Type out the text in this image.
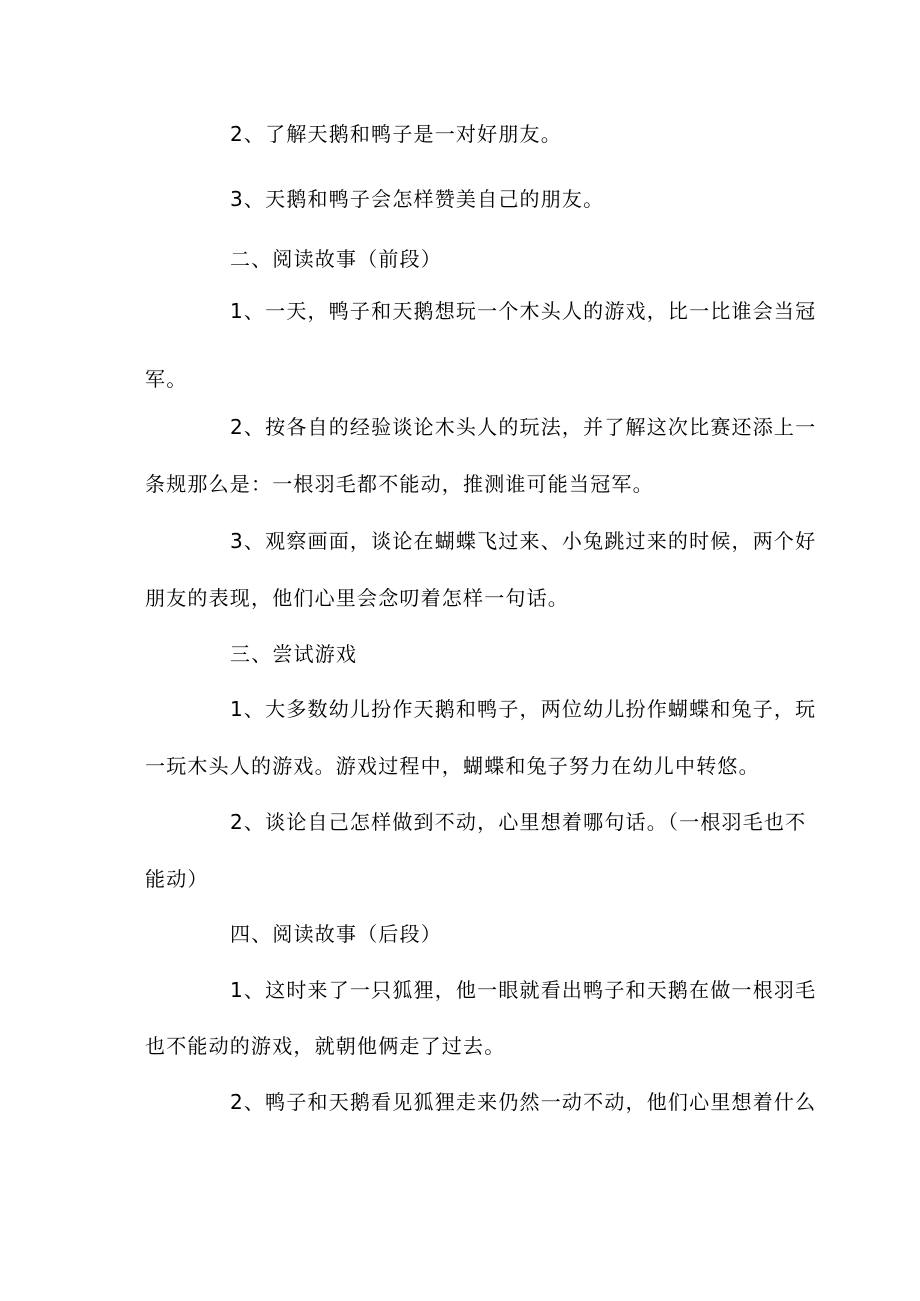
2、了解天鹅和鸭子是一对好朋友。
3、天鹅和鸭子会怎样赞美自己的朋友。
二、阅读故事（前段）
1、一天，鸭子和天鹅想玩一个木头人的游戏，比一比谁会当冠
军。
2、按各自的经验谈论木头人的玩法，并了解这次比赛还添上一
条规那么是：一根羽毛都不能动，推测谁可能当冠军。
3、观察画面，谈论在蝴蝶飞过来、小兔跳过来的时候，两个好
朋友的表现，他们心里会念叨着怎样一句话。
三、尝试游戏
1、大多数幼儿扮作天鹅和鸭子，两位幼儿扮作蝴蝶和兔子，玩
一玩木头人的游戏。游戏过程中，蝴蝶和兔子努力在幼儿中转悠。
2、谈论自己怎样做到不动，心里想着哪句话。（一根羽毛也不
能动）
四、阅读故事（后段）
1、这时来了一只狐狸，他一眼就看出鸭子和天鹅在做一根羽毛
也不能动的游戏，就朝他俩走了过去。
2、鸭子和天鹅看见狐狸走来仍然一动不动，他们心里想着什么
